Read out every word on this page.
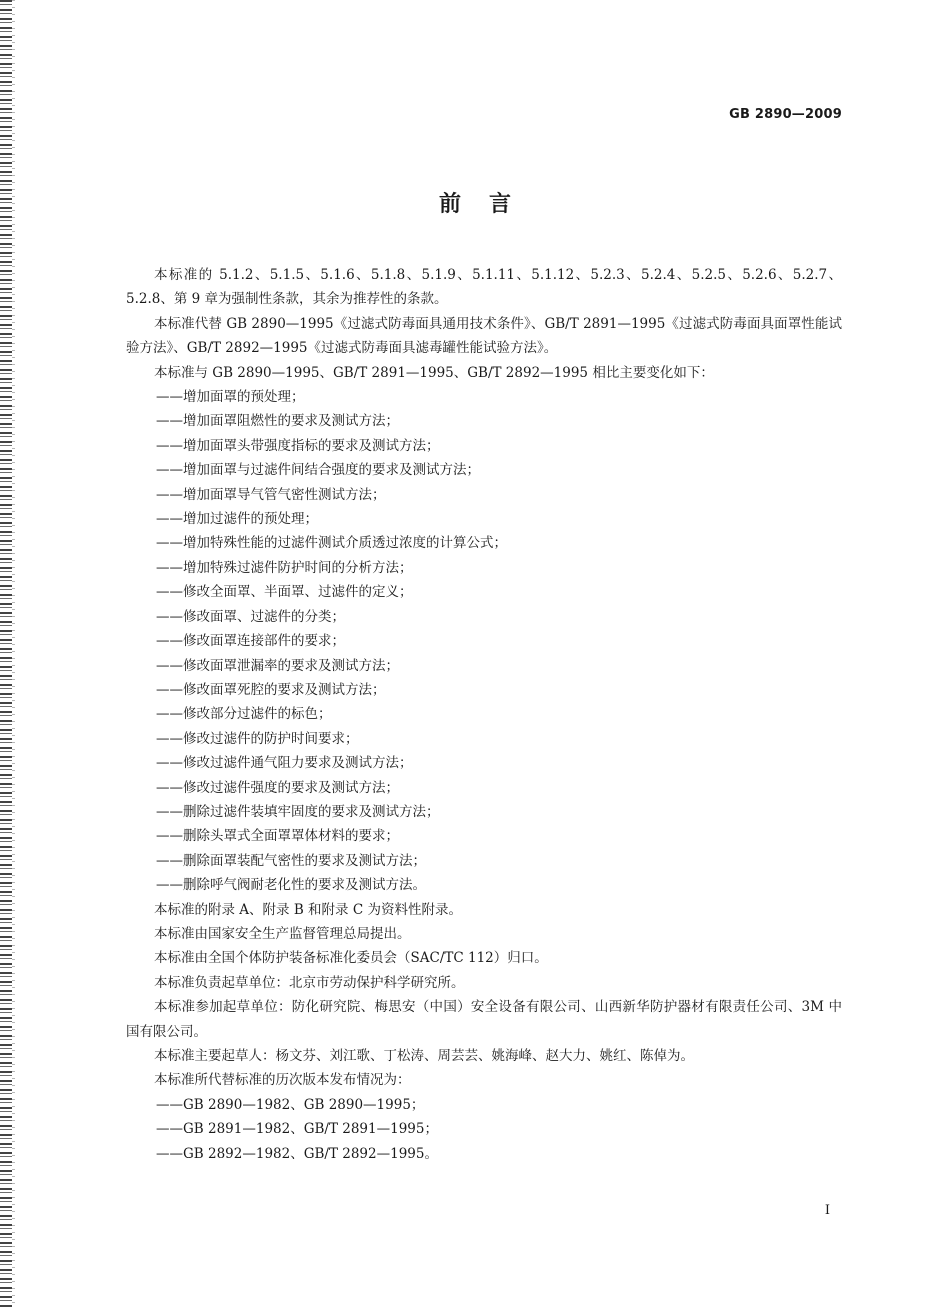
GB 2890—2009
前言

本标准的 5.1.2、5.1.5、5.1.6、5.1.8、5.1.9、5.1.11、5.1.12、5.2.3、5.2.4、5.2.5、5.2.6、5.2.7、5.2.8、第 9 章为强制性条款，其余为推荐性的条款。

本标准代替 GB 2890—1995《过滤式防毒面具通用技术条件》、GB/T 2891—1995《过滤式防毒面具面罩性能试验方法》、GB/T 2892—1995《过滤式防毒面具滤毒罐性能试验方法》。

本标准与 GB 2890—1995、GB/T 2891—1995、GB/T 2892—1995 相比主要变化如下：

——增加面罩的预处理；
——增加面罩阻燃性的要求及测试方法；
——增加面罩头带强度指标的要求及测试方法；
——增加面罩与过滤件间结合强度的要求及测试方法；
——增加面罩导气管气密性测试方法；
——增加过滤件的预处理；
——增加特殊性能的过滤件测试介质透过浓度的计算公式；
——增加特殊过滤件防护时间的分析方法；
——修改全面罩、半面罩、过滤件的定义；
——修改面罩、过滤件的分类；
——修改面罩连接部件的要求；
——修改面罩泄漏率的要求及测试方法；
——修改面罩死腔的要求及测试方法；
——修改部分过滤件的标色；
——修改过滤件的防护时间要求；
——修改过滤件通气阻力要求及测试方法；
——修改过滤件强度的要求及测试方法；
——删除过滤件装填牢固度的要求及测试方法；
——删除头罩式全面罩罩体材料的要求；
——删除面罩装配气密性的要求及测试方法；
——删除呼气阀耐老化性的要求及测试方法。

本标准的附录 A、附录 B 和附录 C 为资料性附录。

本标准由国家安全生产监督管理总局提出。

本标准由全国个体防护装备标准化委员会（SAC/TC 112）归口。

本标准负责起草单位：北京市劳动保护科学研究所。

本标准参加起草单位：防化研究院、梅思安（中国）安全设备有限公司、山西新华防护器材有限责任公司、3M 中国有限公司。

本标准主要起草人：杨文芬、刘江歌、丁松涛、周芸芸、姚海峰、赵大力、姚红、陈倬为。

本标准所代替标准的历次版本发布情况为：

——GB 2890—1982、GB 2890—1995；
——GB 2891—1982、GB/T 2891—1995；
——GB 2892—1982、GB/T 2892—1995。
I
